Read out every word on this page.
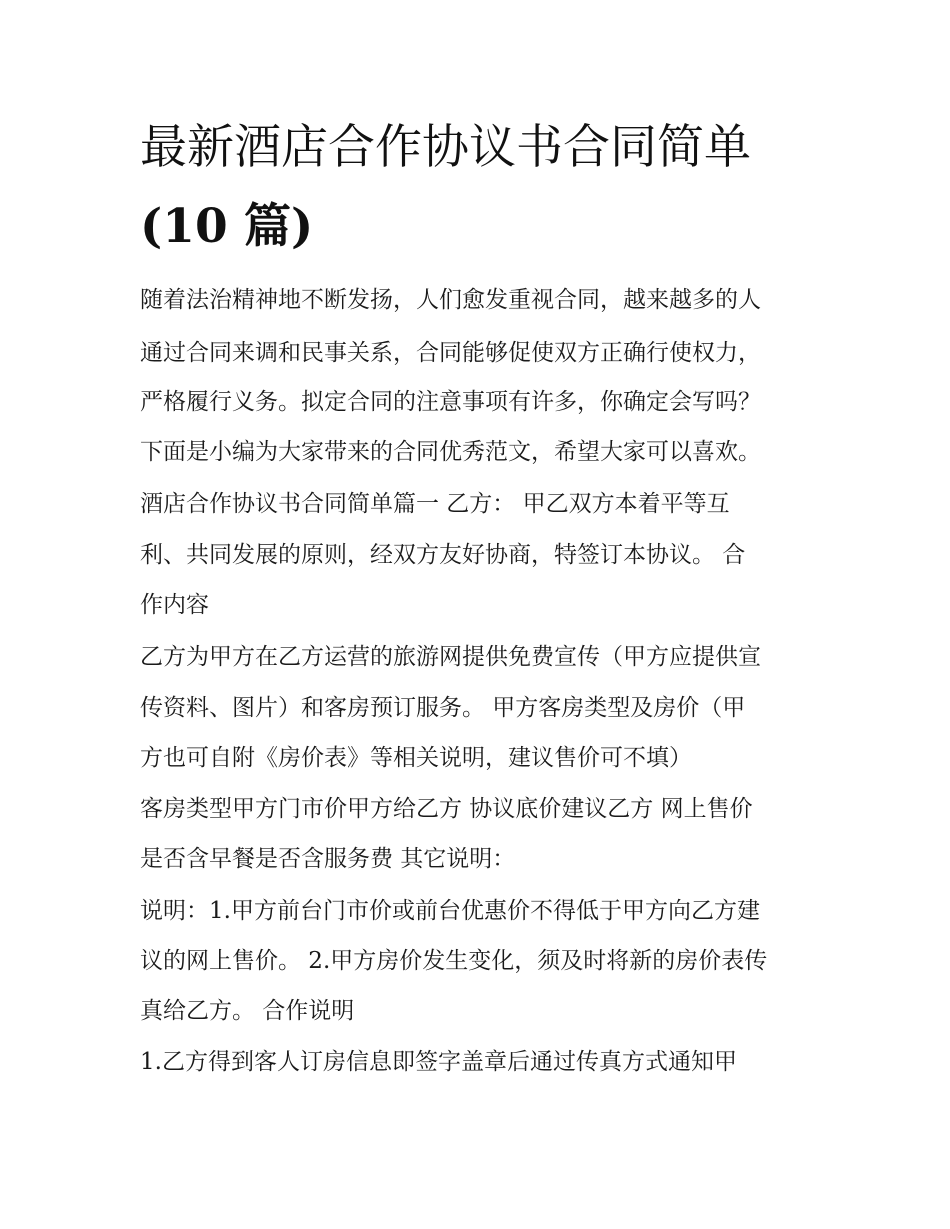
最新酒店合作协议书合同简单
(10 篇)
随着法治精神地不断发扬，人们愈发重视合同，越来越多的人
通过合同来调和民事关系，合同能够促使双方正确行使权力，
严格履行义务。拟定合同的注意事项有许多，你确定会写吗？
下面是小编为大家带来的合同优秀范文，希望大家可以喜欢。
酒店合作协议书合同简单篇一 乙方： 甲乙双方本着平等互
利、共同发展的原则，经双方友好协商，特签订本协议。 合
作内容
乙方为甲方在乙方运营的旅游网提供免费宣传（甲方应提供宣
传资料、图片）和客房预订服务。 甲方客房类型及房价（甲
方也可自附《房价表》等相关说明，建议售价可不填）
客房类型甲方门市价甲方给乙方 协议底价建议乙方 网上售价
是否含早餐是否含服务费 其它说明：
说明：1.甲方前台门市价或前台优惠价不得低于甲方向乙方建
议的网上售价。 2.甲方房价发生变化，须及时将新的房价表传
真给乙方。 合作说明
1.乙方得到客人订房信息即签字盖章后通过传真方式通知甲
